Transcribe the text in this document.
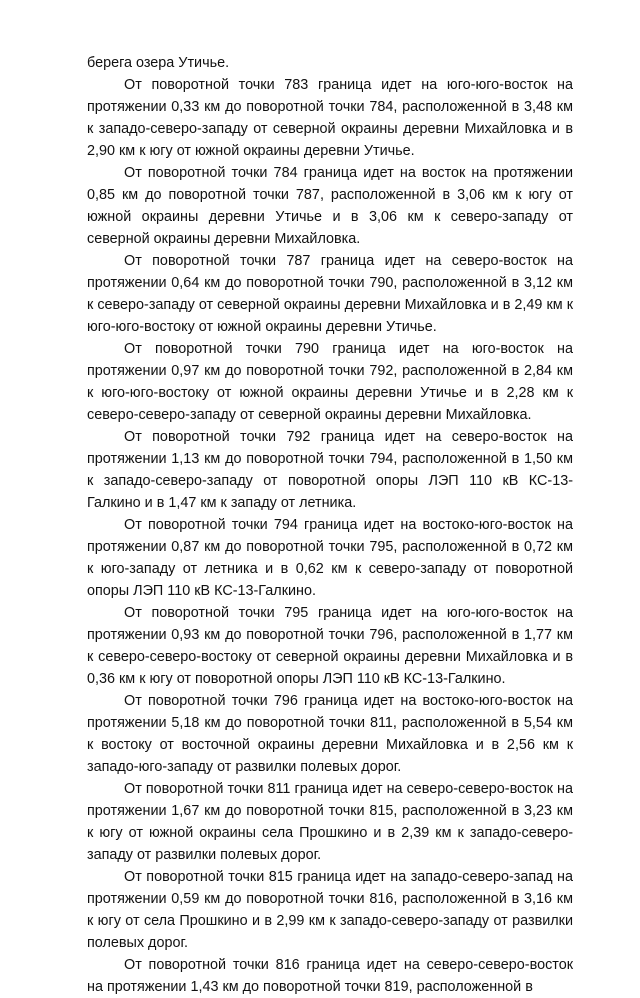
берега озера Утичье.

От поворотной точки 783 граница идет на юго-юго-восток на протяжении 0,33 км до поворотной точки 784, расположенной в 3,48 км к западо-северо-западу от северной окраины деревни Михайловка и в 2,90 км к югу от южной окраины деревни Утичье.

От поворотной точки 784 граница идет на восток на протяжении 0,85 км до поворотной точки 787, расположенной в 3,06 км к югу от южной окраины деревни Утичье и в 3,06 км к северо-западу от северной окраины деревни Михайловка.

От поворотной точки 787 граница идет на северо-восток на протяжении 0,64 км до поворотной точки 790, расположенной в 3,12 км к северо-западу от северной окраины деревни Михайловка и в 2,49 км к юго-юго-востоку от южной окраины деревни Утичье.

От поворотной точки 790 граница идет на юго-восток на протяжении 0,97 км до поворотной точки 792, расположенной в 2,84 км к юго-юго-востоку от южной окраины деревни Утичье и в 2,28 км к северо-северо-западу от северной окраины деревни Михайловка.

От поворотной точки 792 граница идет на северо-восток на протяжении 1,13 км до поворотной точки 794, расположенной в 1,50 км к западо-северо-западу от поворотной опоры ЛЭП 110 кВ КС-13-Галкино и в 1,47 км к западу от летника.

От поворотной точки 794 граница идет на востоко-юго-восток на протяжении 0,87 км до поворотной точки 795, расположенной в 0,72 км к юго-западу от летника и в 0,62 км к северо-западу от поворотной опоры ЛЭП 110 кВ КС-13-Галкино.

От поворотной точки 795 граница идет на юго-юго-восток на протяжении 0,93 км до поворотной точки 796, расположенной в 1,77 км к северо-северо-востоку от северной окраины деревни Михайловка и в 0,36 км к югу от поворотной опоры ЛЭП 110 кВ КС-13-Галкино.

От поворотной точки 796 граница идет на востоко-юго-восток на протяжении 5,18 км до поворотной точки 811, расположенной в 5,54 км к востоку от восточной окраины деревни Михайловка и в 2,56 км к западо-юго-западу от развилки полевых дорог.

От поворотной точки 811 граница идет на северо-северо-восток на протяжении 1,67 км до поворотной точки 815, расположенной в 3,23 км к югу от южной окраины села Прошкино и в 2,39 км к западо-северо-западу от развилки полевых дорог.

От поворотной точки 815 граница идет на западо-северо-запад на протяжении 0,59 км до поворотной точки 816, расположенной в 3,16 км к югу от села Прошкино и в 2,99 км к западо-северо-западу от развилки полевых дорог.

От поворотной точки 816 граница идет на северо-северо-восток на протяжении 1,43 км до поворотной точки 819, расположенной в
